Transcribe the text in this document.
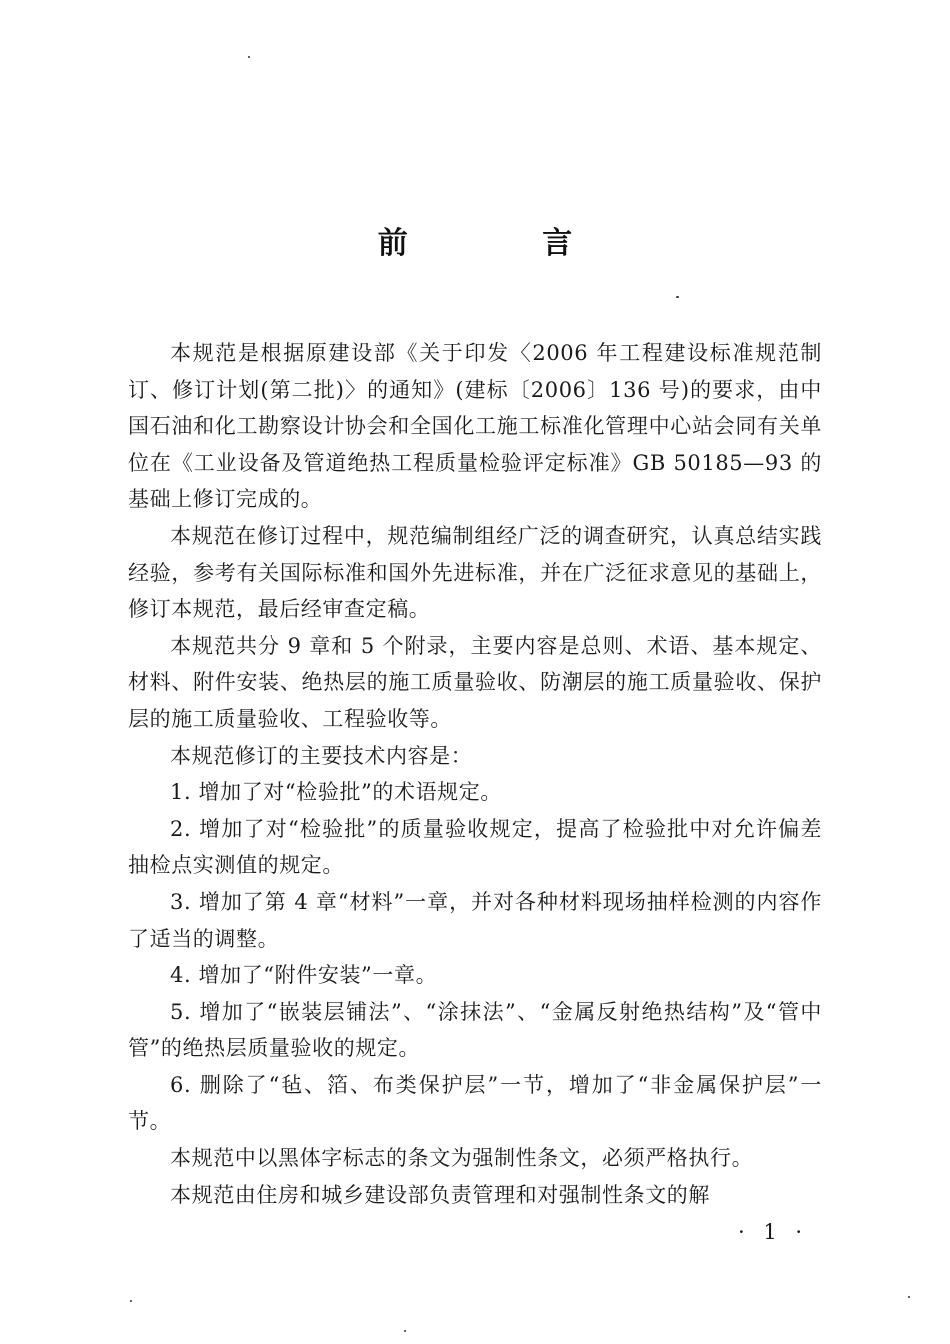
前 言

本规范是根据原建设部《关于印发〈2006 年工程建设标准规范制订、修订计划(第二批)〉的通知》(建标〔2006〕136 号)的要求，由中国石油和化工勘察设计协会和全国化工施工标准化管理中心站会同有关单位在《工业设备及管道绝热工程质量检验评定标准》GB 50185—93 的基础上修订完成的。

本规范在修订过程中，规范编制组经广泛的调查研究，认真总结实践经验，参考有关国际标准和国外先进标准，并在广泛征求意见的基础上，修订本规范，最后经审查定稿。

本规范共分 9 章和 5 个附录，主要内容是总则、术语、基本规定、材料、附件安装、绝热层的施工质量验收、防潮层的施工质量验收、保护层的施工质量验收、工程验收等。

本规范修订的主要技术内容是：

1. 增加了对“检验批”的术语规定。

2. 增加了对“检验批”的质量验收规定，提高了检验批中对允许偏差抽检点实测值的规定。

3. 增加了第 4 章“材料”一章，并对各种材料现场抽样检测的内容作了适当的调整。

4. 增加了“附件安装”一章。

5. 增加了“嵌装层铺法”、“涂抹法”、“金属反射绝热结构”及“管中管”的绝热层质量验收的规定。

6. 删除了“毡、箔、布类保护层”一节，增加了“非金属保护层”一节。

本规范中以黑体字标志的条文为强制性条文，必须严格执行。

本规范由住房和城乡建设部负责管理和对强制性条文的解

· 1 ·
